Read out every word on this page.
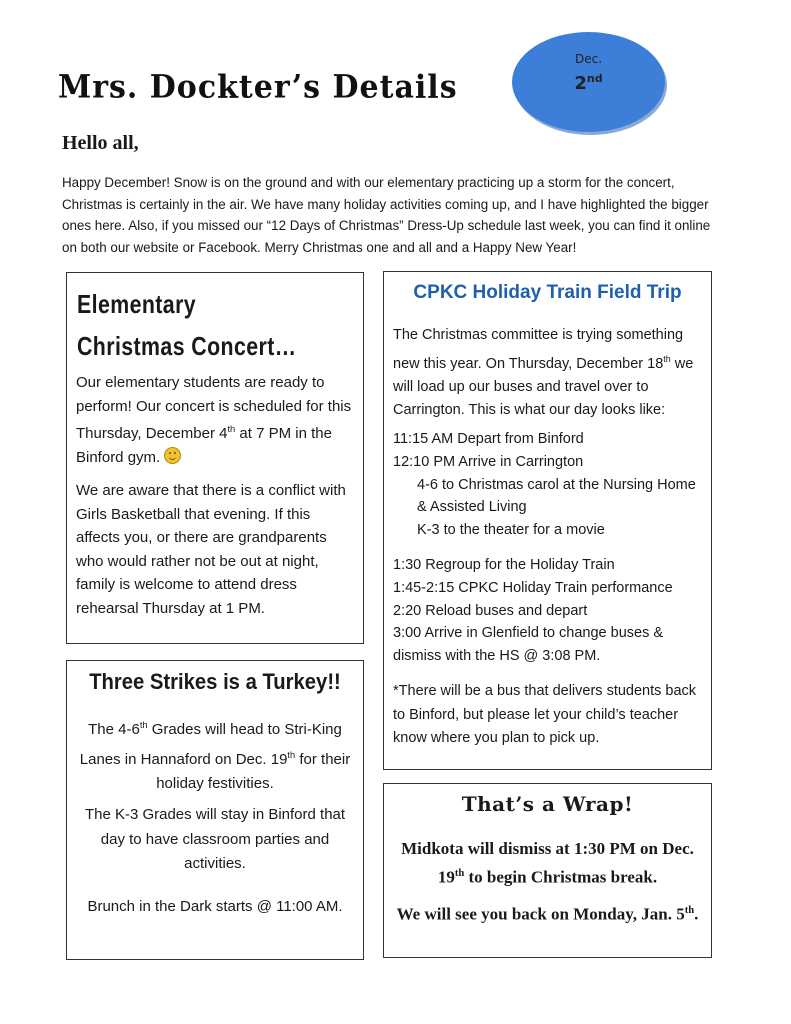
Mrs. Dockter’s Details
Dec.
2nd
Hello all,
Happy December! Snow is on the ground and with our elementary practicing up a storm for the concert, Christmas is certainly in the air. We have many holiday activities coming up, and I have highlighted the bigger ones here. Also, if you missed our “12 Days of Christmas” Dress-Up schedule last week, you can find it online on both our website or Facebook. Merry Christmas one and all and a Happy New Year!
Elementary Christmas Concert…
Our elementary students are ready to perform! Our concert is scheduled for this Thursday, December 4th at 7 PM in the Binford gym.
We are aware that there is a conflict with Girls Basketball that evening. If this affects you, or there are grandparents who would rather not be out at night, family is welcome to attend dress rehearsal Thursday at 1 PM.
CPKC Holiday Train Field Trip
The Christmas committee is trying something new this year. On Thursday, December 18th we will load up our buses and travel over to Carrington. This is what our day looks like:
11:15 AM Depart from Binford
12:10 PM Arrive in Carrington
4-6 to Christmas carol at the Nursing Home & Assisted Living
K-3 to the theater for a movie
1:30 Regroup for the Holiday Train
1:45-2:15 CPKC Holiday Train performance
2:20 Reload buses and depart
3:00 Arrive in Glenfield to change buses & dismiss with the HS @ 3:08 PM.
*There will be a bus that delivers students back to Binford, but please let your child’s teacher know where you plan to pick up.
Three Strikes is a Turkey!!
The 4-6th Grades will head to Stri-King Lanes in Hannaford on Dec. 19th for their holiday festivities.
The K-3 Grades will stay in Binford that day to have classroom parties and activities.
Brunch in the Dark starts @ 11:00 AM.
That’s a Wrap!
Midkota will dismiss at 1:30 PM on Dec. 19th to begin Christmas break.
We will see you back on Monday, Jan. 5th.
